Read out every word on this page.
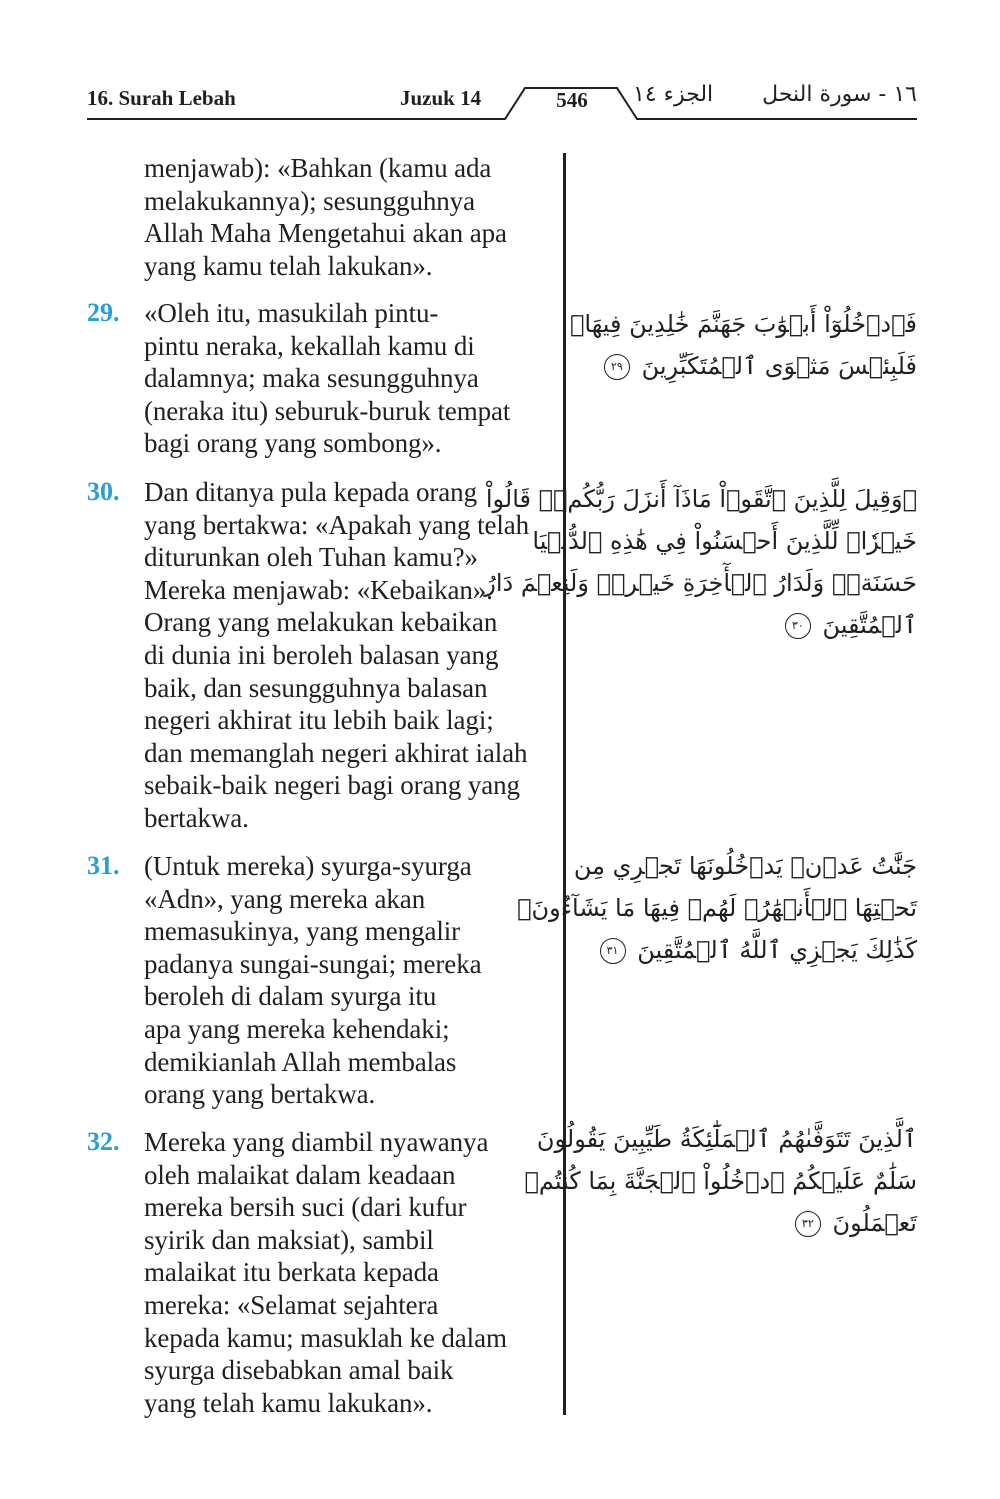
16. Surah Lebah	Juzuk 14	546	الجزء ١٤ ١٦ - سورة النحل
menjawab): «Bahkan (kamu ada
melakukannya); sesungguhnya
Allah Maha Mengetahui akan apa
yang kamu telah lakukan».
29. «Oleh itu, masukilah pintu-
pintu neraka, kekallah kamu di
dalamnya; maka sesungguhnya
(neraka itu) seburuk-buruk tempat
bagi orang yang sombong».
فَٱدۡخُلُوٓاْ أَبۡوَٰبَ جَهَنَّمَ خَٰلِدِينَ فِيهَاۖ
فَلَبِئۡسَ مَثۡوَى ٱلۡمُتَكَبِّرِينَ ٢٩
30. Dan ditanya pula kepada orang
yang bertakwa: «Apakah yang telah
diturunkan oleh Tuhan kamu?»
Mereka menjawab: «Kebaikan».
Orang yang melakukan kebaikan
di dunia ini beroleh balasan yang
baik, dan sesungguhnya balasan
negeri akhirat itu lebih baik lagi;
dan memanglah negeri akhirat ialah
sebaik-baik negeri bagi orang yang
bertakwa.
۞وَقِيلَ لِلَّذِينَ ٱتَّقَوۡاْ مَاذَآ أَنزَلَ رَبُّكُمۡۚ قَالُواْ
خَيۡرٗاۗ لِّلَّذِينَ أَحۡسَنُواْ فِي هَٰذِهِ ٱلدُّنۡيَا
حَسَنَةٞۚ وَلَدَارُ ٱلۡأٓخِرَةِ خَيۡرٞۚ وَلَنِعۡمَ دَارُ
ٱلۡمُتَّقِينَ ٣٠
31. (Untuk mereka) syurga-syurga
«Adn», yang mereka akan
memasukinya, yang mengalir
padanya sungai-sungai; mereka
beroleh di dalam syurga itu
apa yang mereka kehendaki;
demikianlah Allah membalas
orang yang bertakwa.
جَنَّٰتُ عَدۡنٖ يَدۡخُلُونَهَا تَجۡرِي مِن
تَحۡتِهَا ٱلۡأَنۡهَٰرُۖ لَهُمۡ فِيهَا مَا يَشَآءُونَۚ
كَذَٰلِكَ يَجۡزِي ٱللَّهُ ٱلۡمُتَّقِينَ ٣١
32. Mereka yang diambil nyawanya
oleh malaikat dalam keadaan
mereka bersih suci (dari kufur
syirik dan maksiat), sambil
malaikat itu berkata kepada
mereka: «Selamat sejahtera
kepada kamu; masuklah ke dalam
syurga disebabkan amal baik
yang telah kamu lakukan».
ٱلَّذِينَ تَتَوَفَّىٰهُمُ ٱلۡمَلَٰٓئِكَةُ طَيِّبِينَ يَقُولُونَ
سَلَٰمٌ عَلَيۡكُمُ ٱدۡخُلُواْ ٱلۡجَنَّةَ بِمَا كُنتُمۡ
تَعۡمَلُونَ ٣٢
